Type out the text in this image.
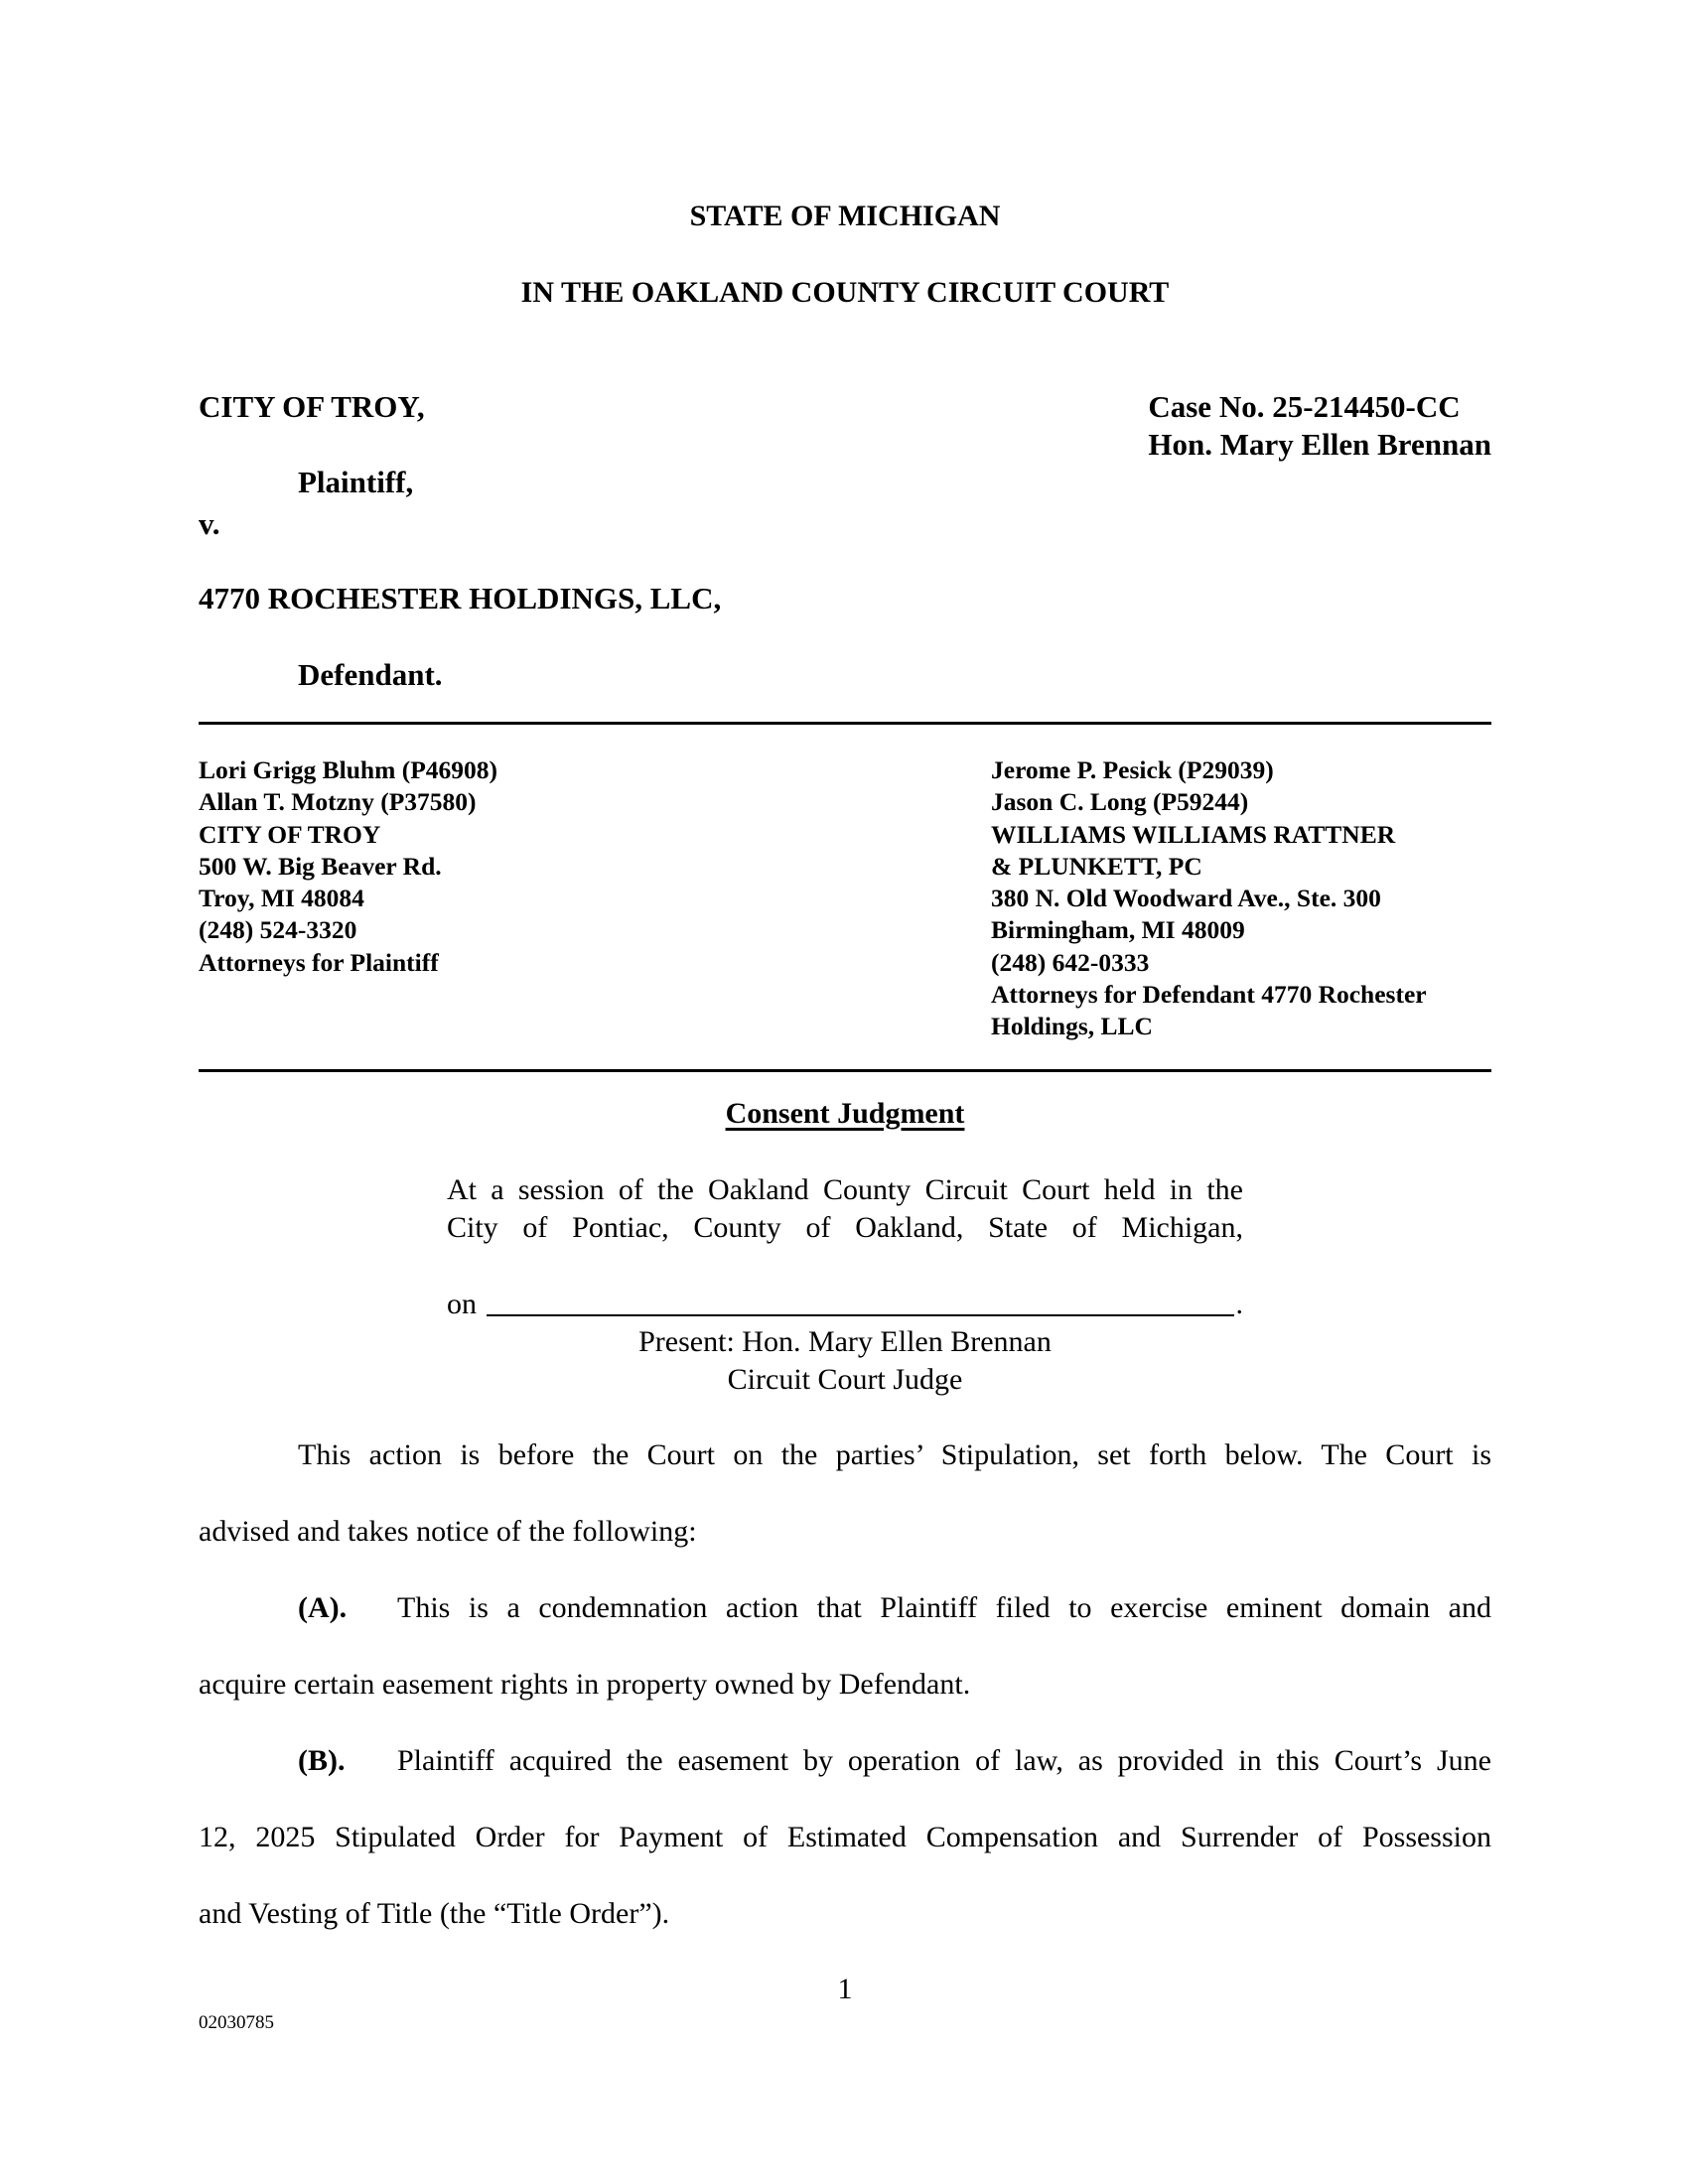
STATE OF MICHIGAN
IN THE OAKLAND COUNTY CIRCUIT COURT
CITY OF TROY,
Plaintiff,
v.
4770 ROCHESTER HOLDINGS, LLC,
Defendant.
Case No. 25-214450-CC
Hon. Mary Ellen Brennan
Lori Grigg Bluhm (P46908)
Allan T. Motzny (P37580)
CITY OF TROY
500 W. Big Beaver Rd.
Troy, MI 48084
(248) 524-3320
Attorneys for Plaintiff
Jerome P. Pesick (P29039)
Jason C. Long (P59244)
WILLIAMS WILLIAMS RATTNER
& PLUNKETT, PC
380 N. Old Woodward Ave., Ste. 300
Birmingham, MI 48009
(248) 642-0333
Attorneys for Defendant 4770 Rochester
Holdings, LLC
Consent Judgment
At a session of the Oakland County Circuit Court held in the
City of Pontiac, County of Oakland, State of Michigan,
on	.
Present: Hon. Mary Ellen Brennan
Circuit Court Judge
This action is before the Court on the parties’ Stipulation, set forth below. The Court is
advised and takes notice of the following:
(A).	This is a condemnation action that Plaintiff filed to exercise eminent domain and
acquire certain easement rights in property owned by Defendant.
(B).	Plaintiff acquired the easement by operation of law, as provided in this Court’s June
12, 2025 Stipulated Order for Payment of Estimated Compensation and Surrender of Possession
and Vesting of Title (the “Title Order”).
1
02030785
